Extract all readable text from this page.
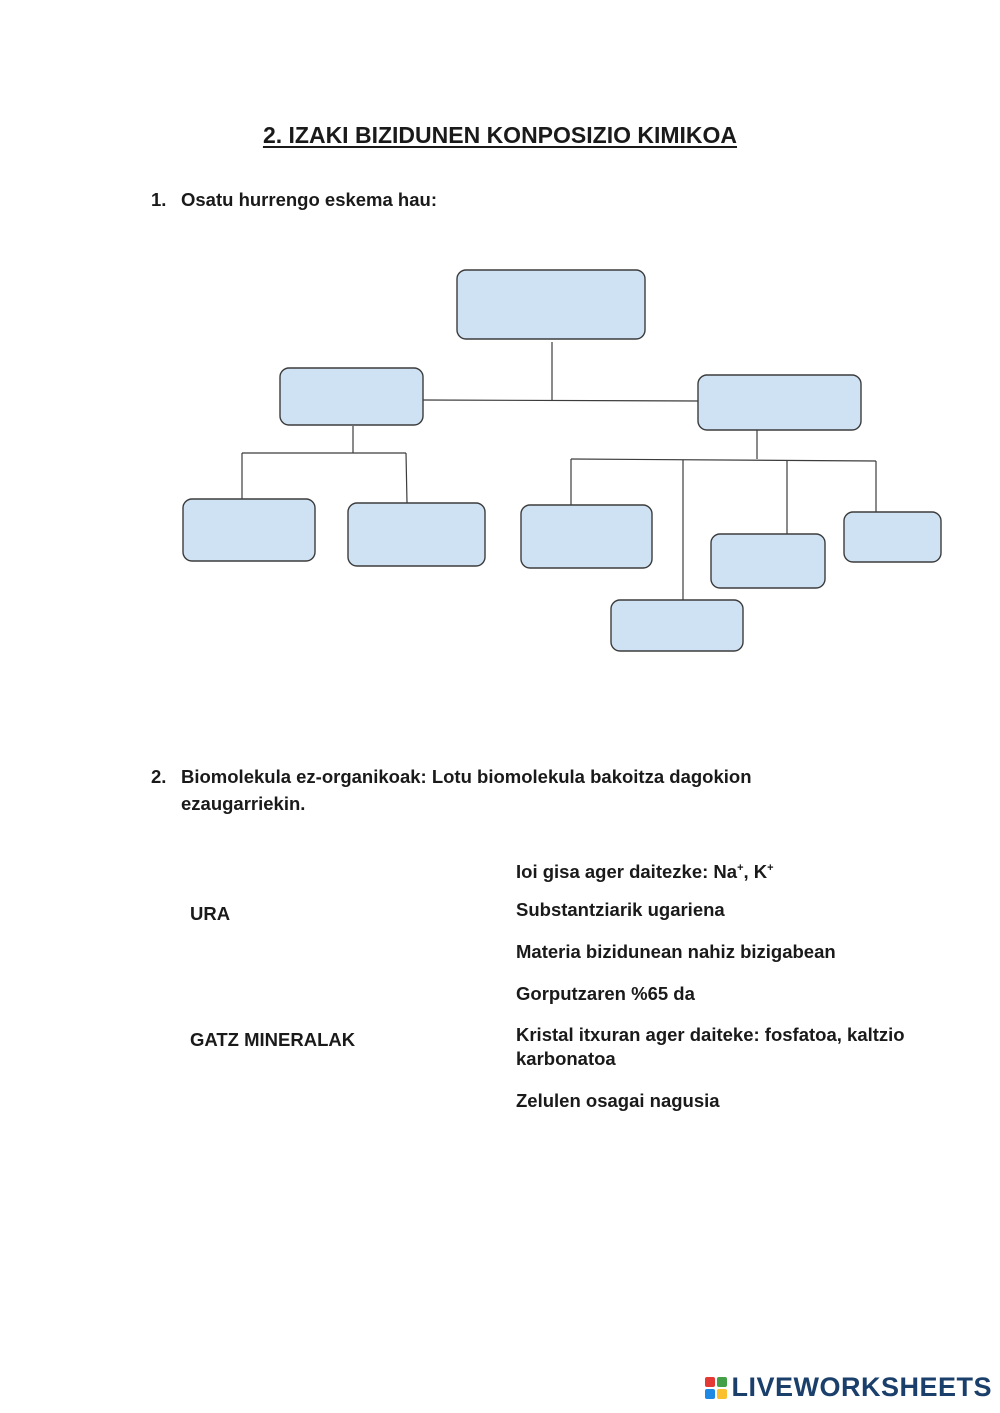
2. IZAKI BIZIDUNEN KONPOSIZIO KIMIKOA
1. Osatu hurrengo eskema hau:
2. Biomolekula ez-organikoak: Lotu biomolekula bakoitza dagokion ezaugarriekin.
URA
GATZ MINERALAK
Ioi gisa ager daitezke: Na+, K+
Substantziarik ugariena
Materia bizidunean nahiz bizigabean
Gorputzaren %65 da
Kristal itxuran ager daiteke: fosfatoa, kaltzio karbonatoa
Zelulen osagai nagusia
LIVEWORKSHEETS
